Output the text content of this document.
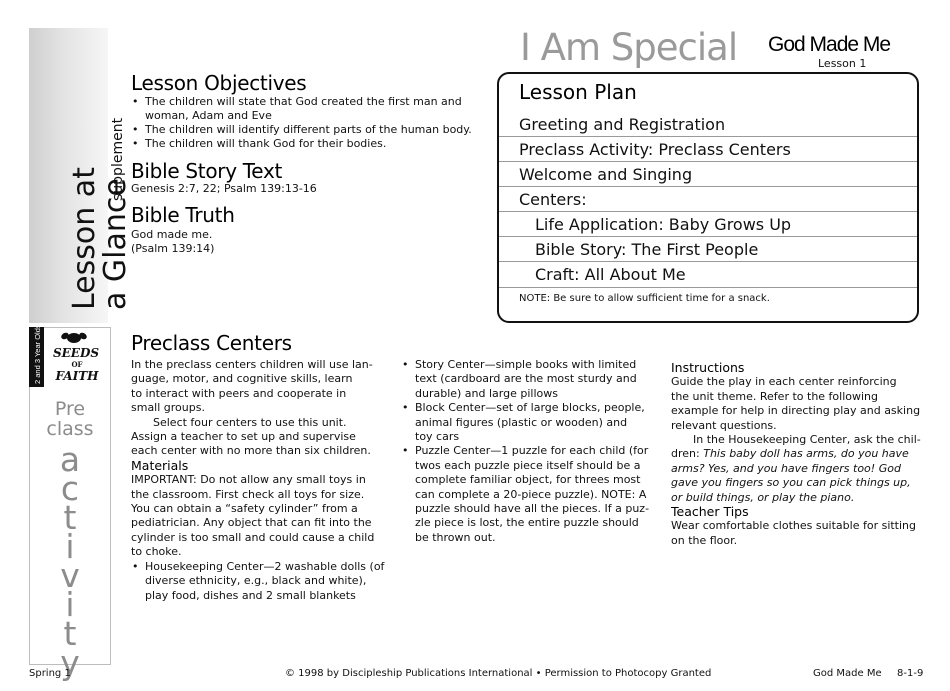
Lesson at
a Glance
supplement
2 and 3 Year Olds SEEDS
OF
FAITH
Pre
class
a
c
t
i
v
i
t
y
I Am Special God Made Me
Lesson 1
Lesson Objectives
• The children will state that God created the first man and woman, Adam and Eve
• The children will identify different parts of the human body.
• The children will thank God for their bodies.
Bible Story Text
Genesis 2:7, 22; Psalm 139:13-16
Bible Truth
God made me.
(Psalm 139:14)
Lesson Plan
Greeting and Registration
Preclass Activity: Preclass Centers
Welcome and Singing
Centers:
Life Application: Baby Grows Up
Bible Story: The First People
Craft: All About Me
NOTE: Be sure to allow sufficient time for a snack.
Preclass Centers

In the preclass centers children will use lan-

guage, motor, and cognitive skills, learn

to interact with peers and cooperate in

small groups.

Select four centers to use this unit.

Assign a teacher to set up and supervise

each center with no more than six children.

Materials

IMPORTANT: Do not allow any small toys in

the classroom. First check all toys for size.

You can obtain a “safety cylinder” from a

pediatrician. Any object that can fit into the

cylinder is too small and could cause a child

to choke.

• Housekeeping Center—2 washable dolls (of
diverse ethnicity, e.g., black and white),
play food, dishes and 2 small blankets
• Story Center—simple books with limited
text (cardboard are the most sturdy and
durable) and large pillows
• Block Center—set of large blocks, people,
animal figures (plastic or wooden) and
toy cars
• Puzzle Center—1 puzzle for each child (for
twos each puzzle piece itself should be a
complete familiar object, for threes most
can complete a 20-piece puzzle). NOTE: A
puzzle should have all the pieces. If a puz-
zle piece is lost, the entire puzzle should
be thrown out.

Instructions

Guide the play in each center reinforcing

the unit theme. Refer to the following

example for help in directing play and asking

relevant questions.

In the Housekeeping Center, ask the chil-

dren: This baby doll has arms, do you have

arms? Yes, and you have fingers too! God

gave you fingers so you can pick things up,

or build things, or play the piano.

Teacher Tips

Wear comfortable clothes suitable for sitting

on the floor.

Spring 1	© 1998 by Discipleship Publications International • Permission to Photocopy Granted	God Made Me 8-1-9
